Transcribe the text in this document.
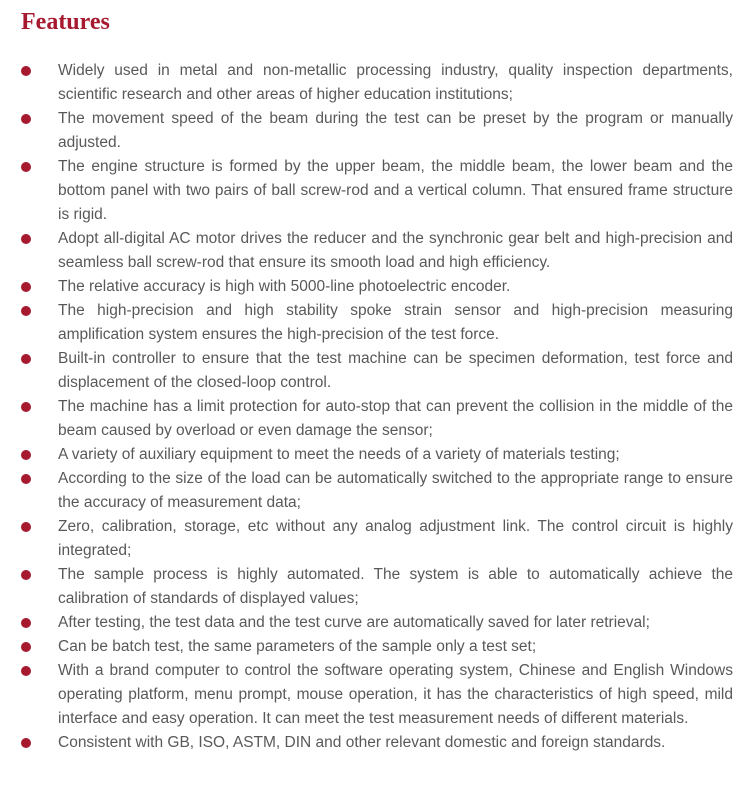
Features
Widely used in metal and non-metallic processing industry, quality inspection departments, scientific research and other areas of higher education institutions;
The movement speed of the beam during the test can be preset by the program or manually adjusted.
The engine structure is formed by the upper beam, the middle beam, the lower beam and the bottom panel with two pairs of ball screw-rod and a vertical column. That ensured frame structure is rigid.
Adopt all-digital AC motor drives the reducer and the synchronic gear belt and high-precision and seamless ball screw-rod that ensure its smooth load and high efficiency.
The relative accuracy is high with 5000-line photoelectric encoder.
The high-precision and high stability spoke strain sensor and high-precision measuring amplification system ensures the high-precision of the test force.
Built-in controller to ensure that the test machine can be specimen deformation, test force and displacement of the closed-loop control.
The machine has a limit protection for auto-stop that can prevent the collision in the middle of the beam caused by overload or even damage the sensor;
A variety of auxiliary equipment to meet the needs of a variety of materials testing;
According to the size of the load can be automatically switched to the appropriate range to ensure the accuracy of measurement data;
Zero, calibration, storage, etc without any analog adjustment link. The control circuit is highly integrated;
The sample process is highly automated. The system is able to automatically achieve the calibration of standards of displayed values;
After testing, the test data and the test curve are automatically saved for later retrieval;
Can be batch test, the same parameters of the sample only a test set;
With a brand computer to control the software operating system, Chinese and English Windows operating platform, menu prompt, mouse operation, it has the characteristics of high speed, mild interface and easy operation. It can meet the test measurement needs of different materials.
Consistent with GB, ISO, ASTM, DIN and other relevant domestic and foreign standards.
